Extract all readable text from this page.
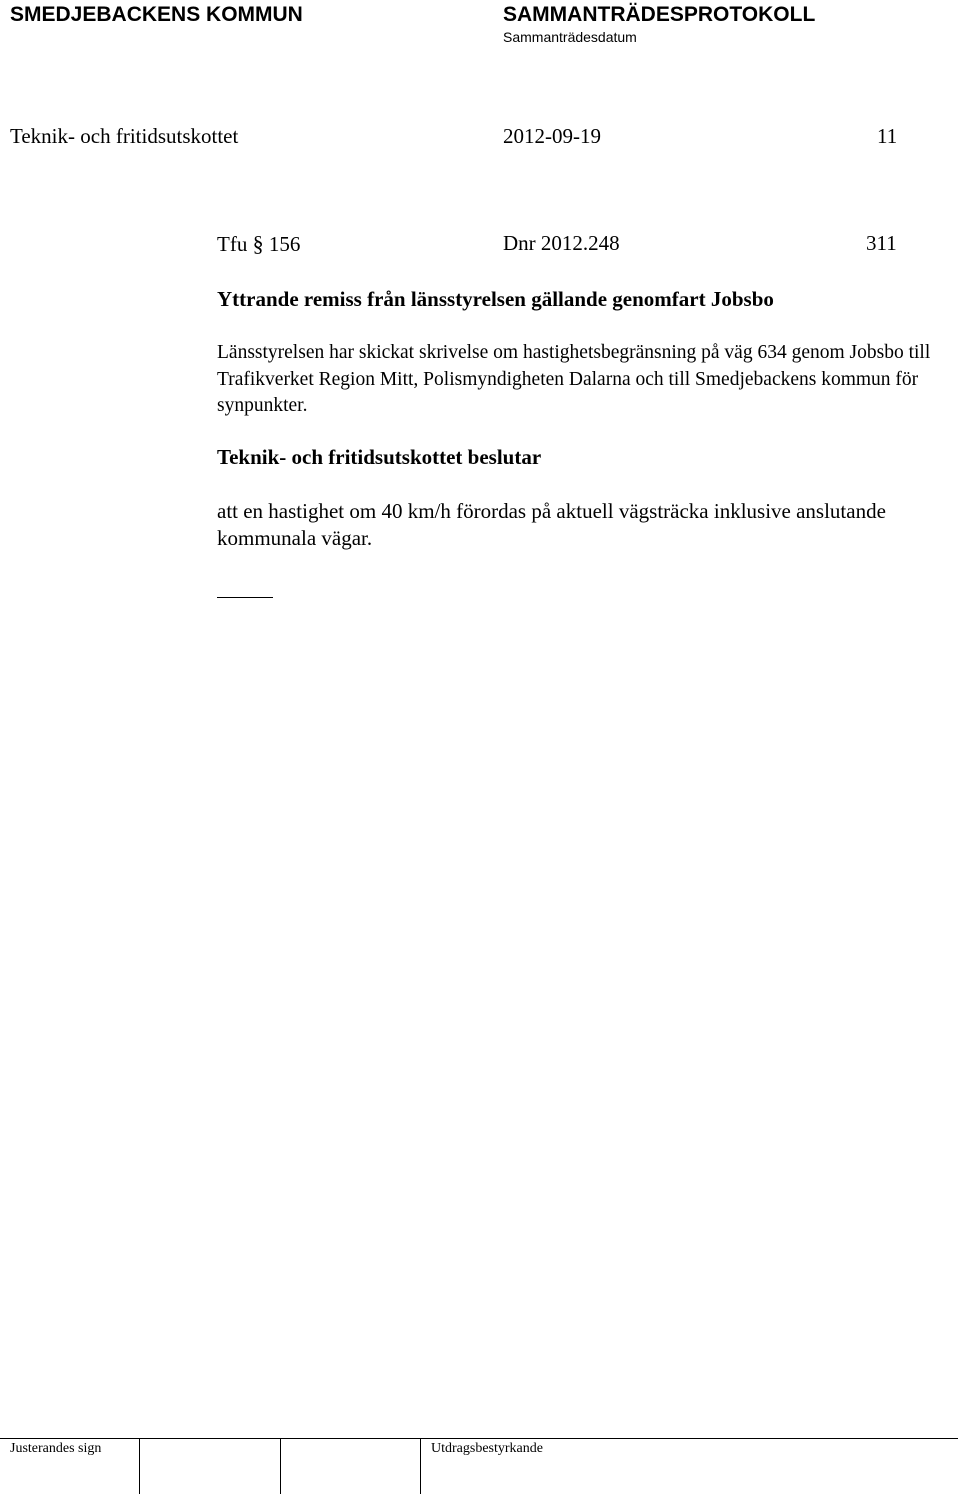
SMEDJEBACKENS KOMMUN	SAMMANTRÄDESPROTOKOLL
Sammanträdesdatum
Teknik- och fritidsutskottet	2012-09-19	11
Tfu § 156	Dnr 2012.248	311
Yttrande remiss från länsstyrelsen gällande genomfart Jobsbo
Länsstyrelsen har skickat skrivelse om hastighetsbegränsning på väg 634 genom Jobsbo till Trafikverket Region Mitt, Polismyndigheten Dalarna och till Smedjebackens kommun för synpunkter.
Teknik- och fritidsutskottet beslutar
att en hastighet om 40 km/h förordas på aktuell vägsträcka inklusive anslutande kommunala vägar.
Justerandes sign	Utdragsbestyrkande
